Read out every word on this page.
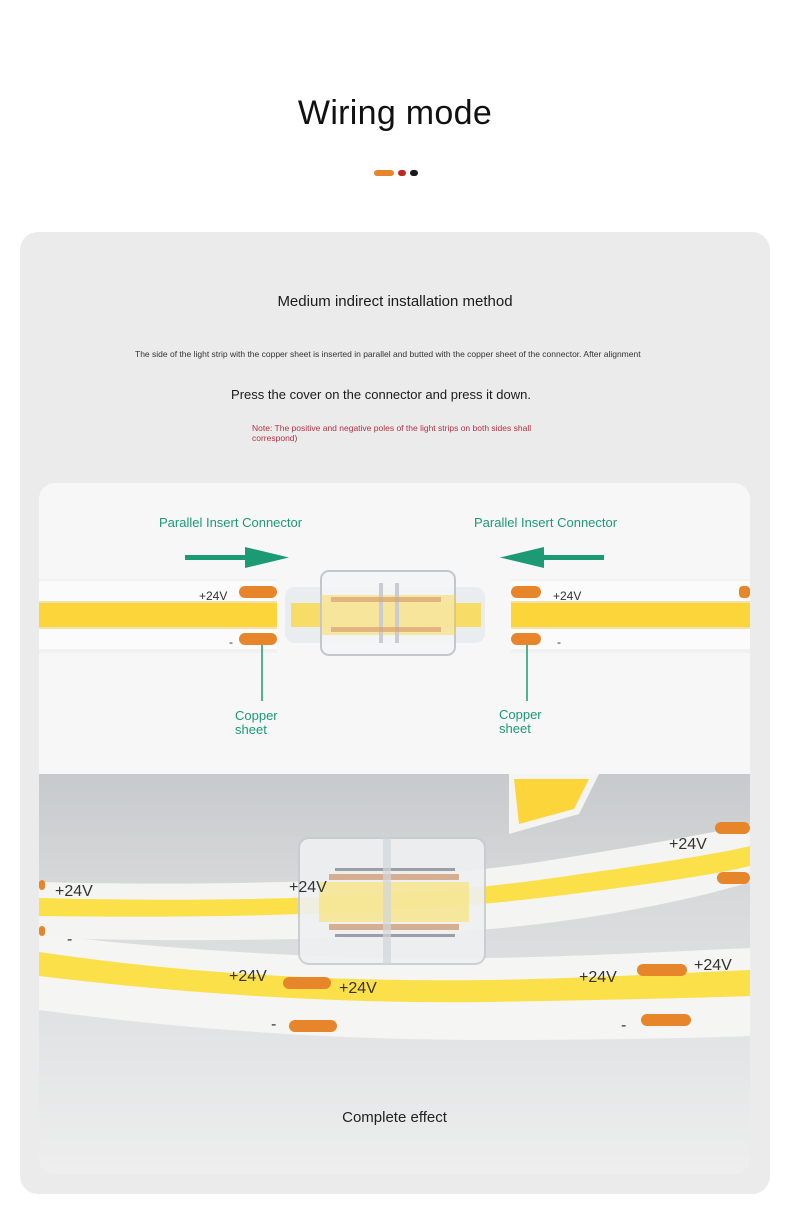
Wiring mode
Medium indirect installation method
The side of the light strip with the copper sheet is inserted in parallel and butted with the copper sheet of the connector. After alignment
Press the cover on the connector and press it down.
Note: The positive and negative poles of the light strips on both sides shall correspond)
Parallel Insert Connector	Parallel Insert Connector
+24V
-
+24V
-
Copper sheet
Copper sheet
+24V
-
+24V
+24V
+24V
+24V
+24V
+24V
-	-
Complete effect
